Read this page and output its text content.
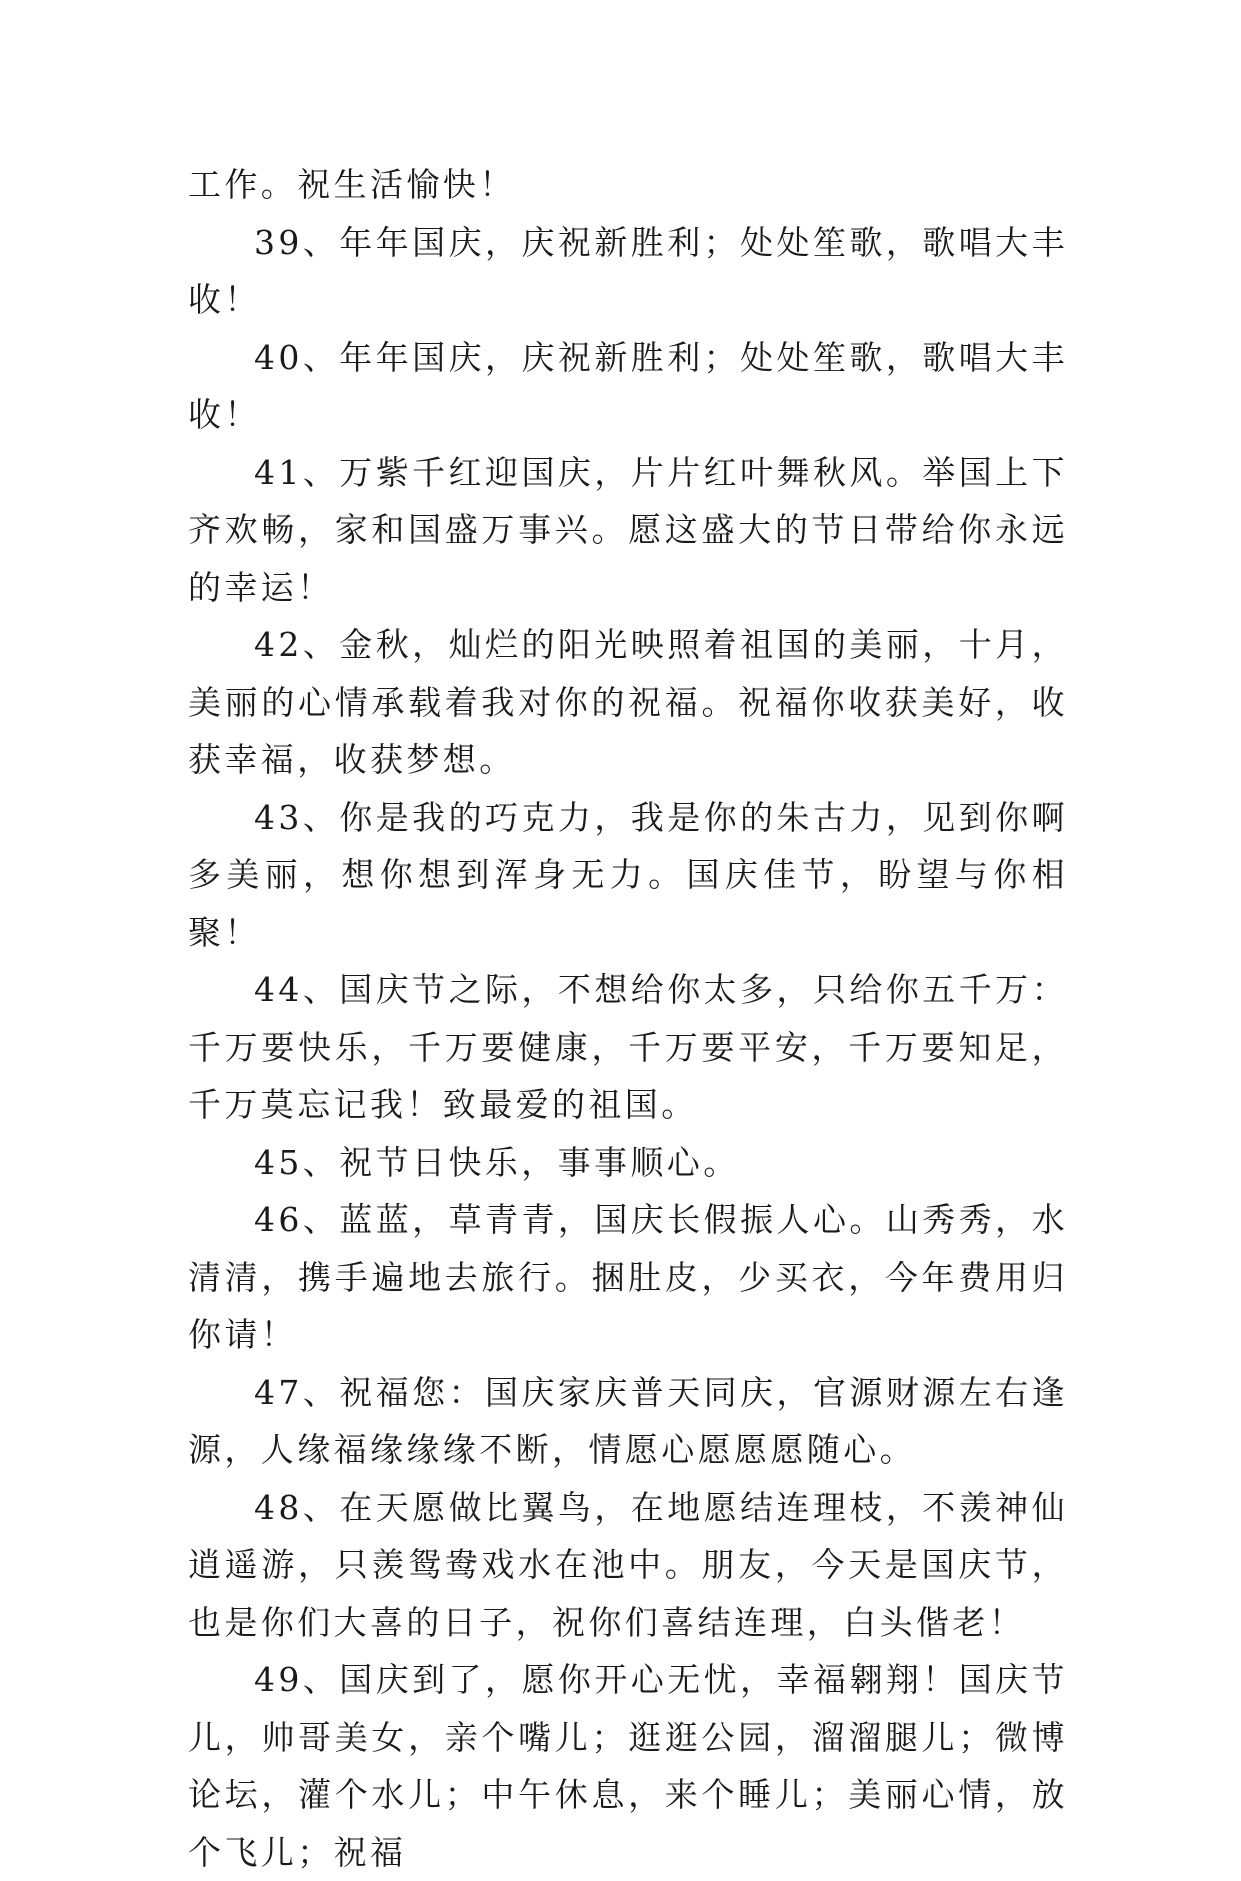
工作。祝生活愉快！

39、年年国庆，庆祝新胜利；处处笙歌，歌唱大丰收！

40、年年国庆，庆祝新胜利；处处笙歌，歌唱大丰收！

41、万紫千红迎国庆，片片红叶舞秋风。举国上下齐欢畅，家和国盛万事兴。愿这盛大的节日带给你永远的幸运！

42、金秋，灿烂的阳光映照着祖国的美丽，十月，美丽的心情承载着我对你的祝福。祝福你收获美好，收获幸福，收获梦想。

43、你是我的巧克力，我是你的朱古力，见到你啊多美丽，想你想到浑身无力。国庆佳节，盼望与你相聚！

44、国庆节之际，不想给你太多，只给你五千万：千万要快乐，千万要健康，千万要平安，千万要知足，千万莫忘记我！致最爱的祖国。

45、祝节日快乐，事事顺心。

46、蓝蓝，草青青，国庆长假振人心。山秀秀，水清清，携手遍地去旅行。捆肚皮，少买衣，今年费用归你请！

47、祝福您：国庆家庆普天同庆，官源财源左右逢源，人缘福缘缘缘不断，情愿心愿愿愿随心。

48、在天愿做比翼鸟，在地愿结连理枝，不羡神仙逍遥游，只羡鸳鸯戏水在池中。朋友，今天是国庆节，也是你们大喜的日子，祝你们喜结连理，白头偕老！

49、国庆到了，愿你开心无忧，幸福翱翔！国庆节儿，帅哥美女，亲个嘴儿；逛逛公园，溜溜腿儿；微博论坛，灌个水儿；中午休息，来个睡儿；美丽心情，放个飞儿；祝福
